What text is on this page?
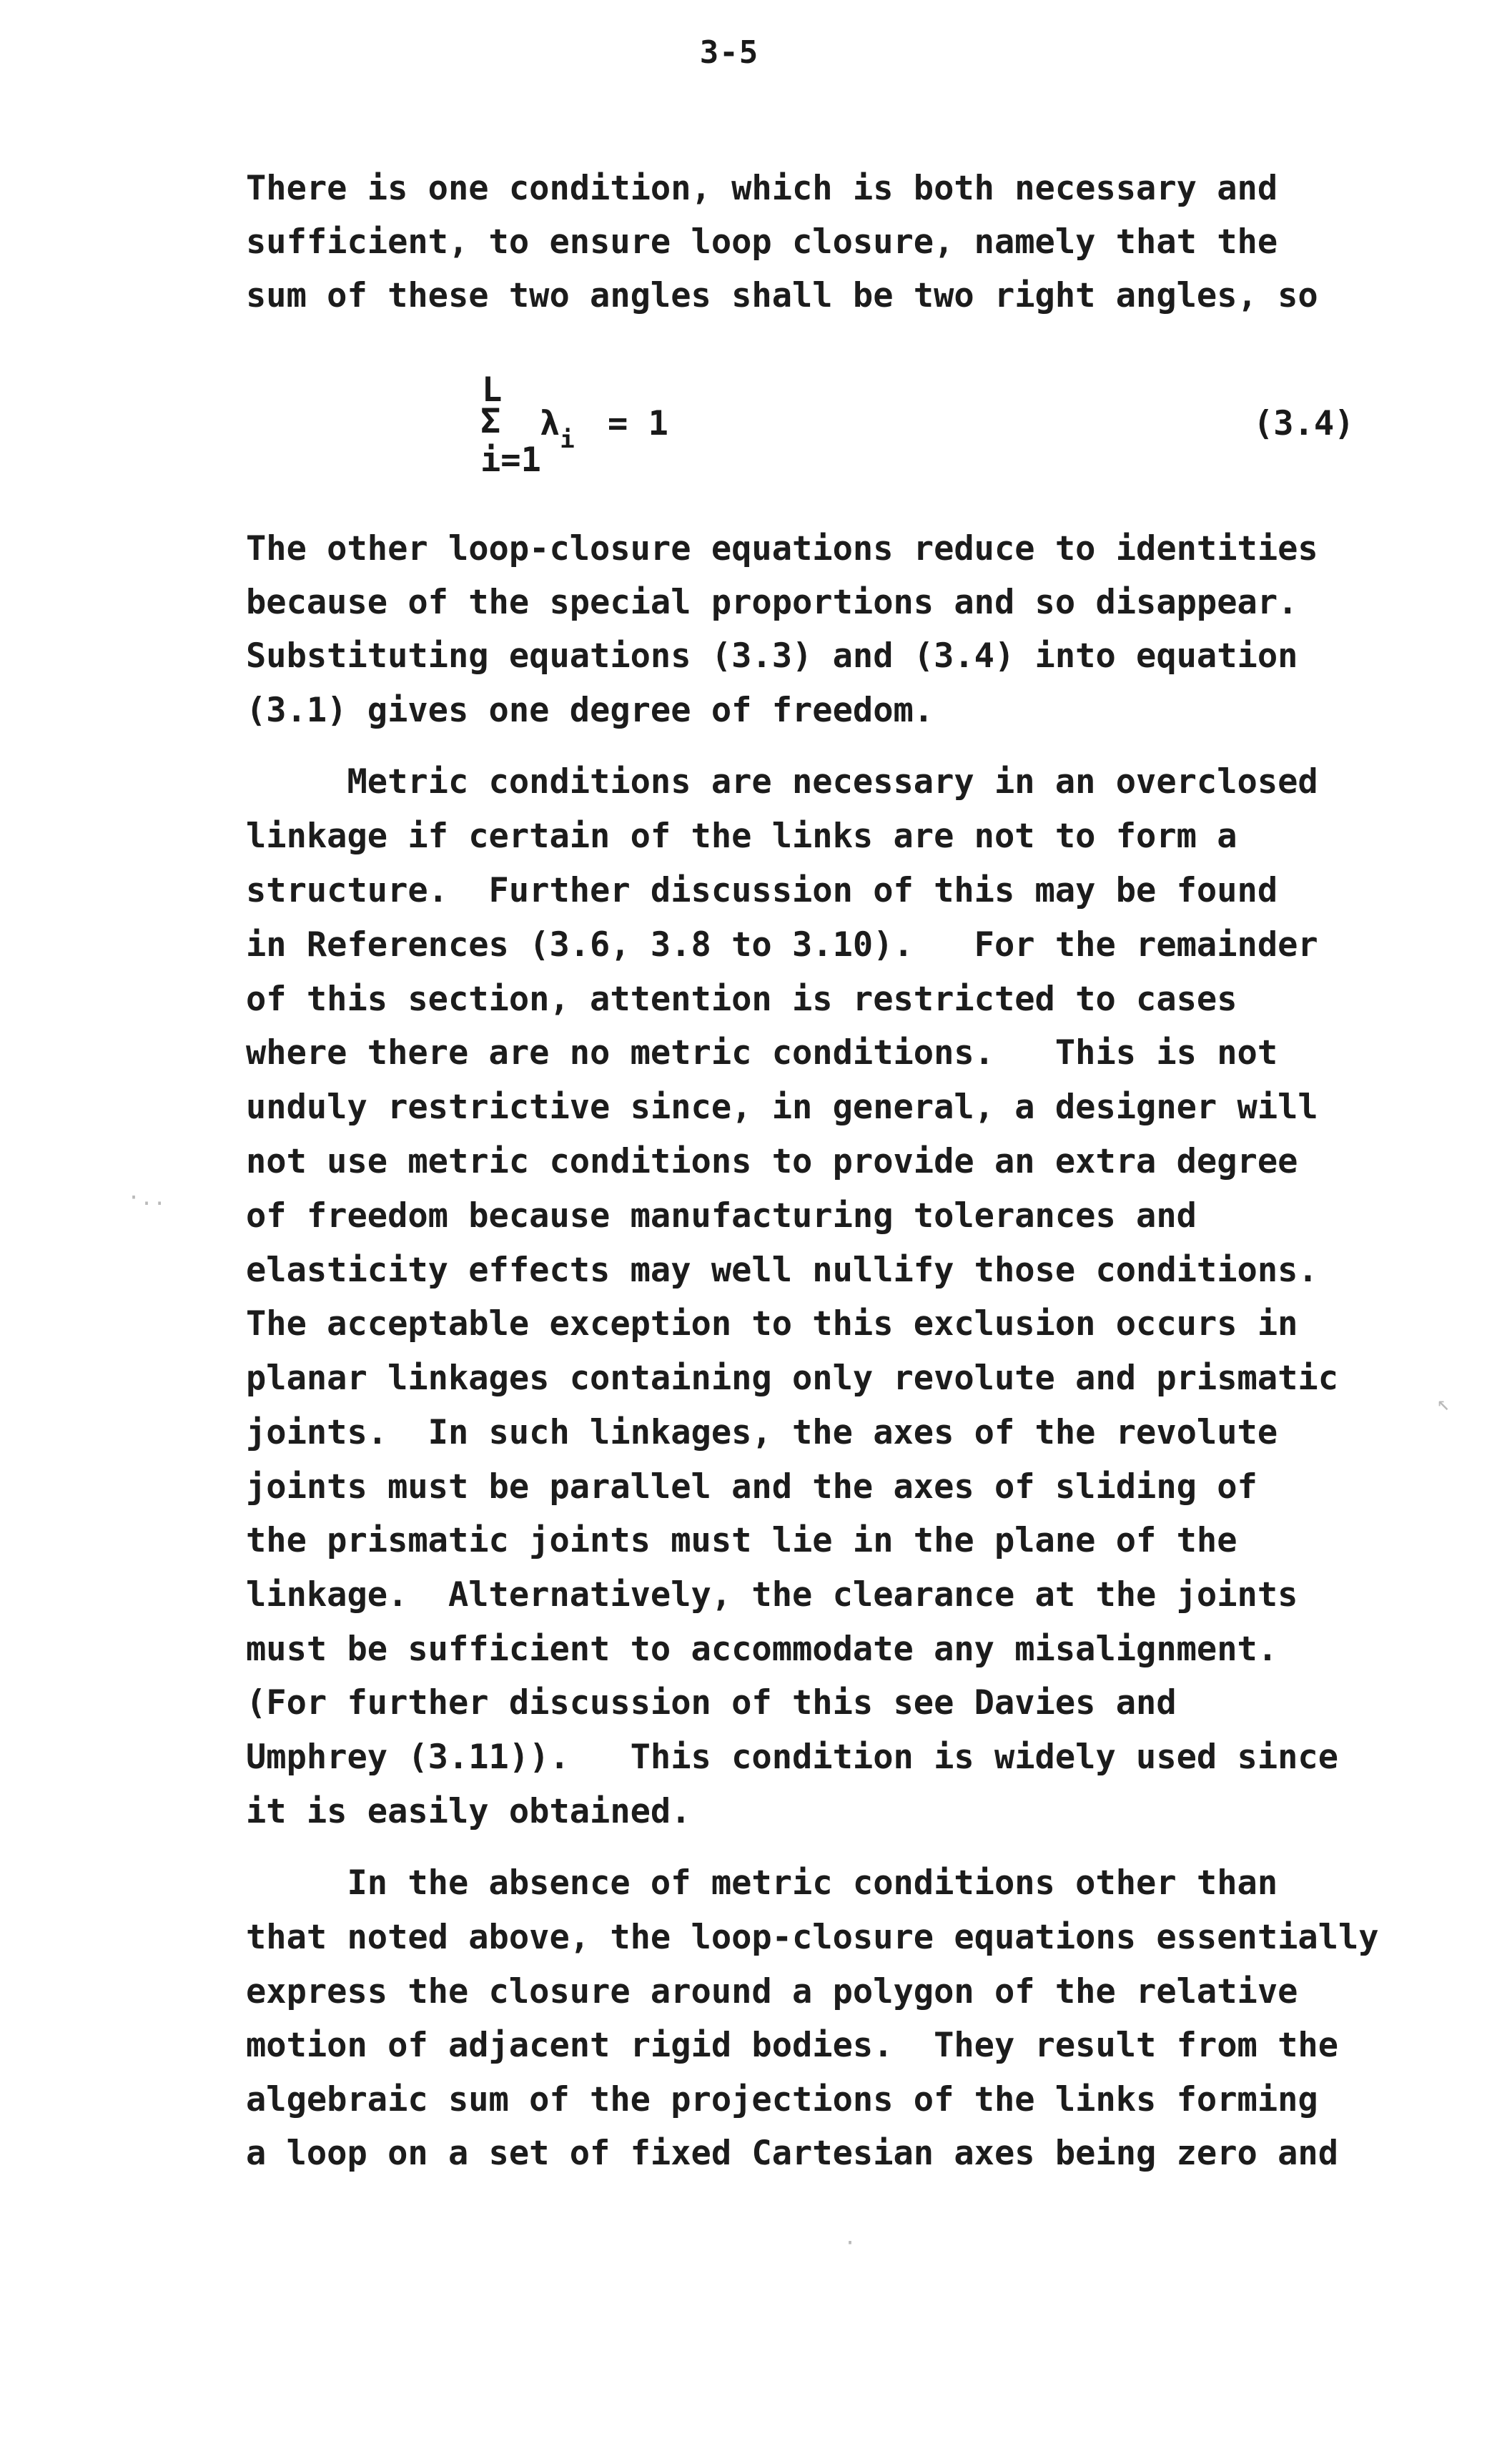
3-5
There is one condition, which is both necessary and
sufficient, to ensure loop closure, namely that the
sum of these two angles shall be two right angles, so
L
Σ
i=1
$\lambda_i = 1$	(3.4)
The other loop-closure equations reduce to identities
because of the special proportions and so disappear.
Substituting equations (3.3) and (3.4) into equation
(3.1) gives one degree of freedom.
Metric conditions are necessary in an overclosed
linkage if certain of the links are not to form a
structure.  Further discussion of this may be found
in References (3.6, 3.8 to 3.10).   For the remainder
of this section, attention is restricted to cases
where there are no metric conditions.   This is not
unduly restrictive since, in general, a designer will
not use metric conditions to provide an extra degree
of freedom because manufacturing tolerances and
elasticity effects may well nullify those conditions.
The acceptable exception to this exclusion occurs in
planar linkages containing only revolute and prismatic
joints.  In such linkages, the axes of the revolute
joints must be parallel and the axes of sliding of
the prismatic joints must lie in the plane of the
linkage.  Alternatively, the clearance at the joints
must be sufficient to accommodate any misalignment.
(For further discussion of this see Davies and
Umphrey (3.11)).   This condition is widely used since
it is easily obtained.
In the absence of metric conditions other than
that noted above, the loop-closure equations essentially
express the closure around a polygon of the relative
motion of adjacent rigid bodies.  They result from the
algebraic sum of the projections of the links forming
a loop on a set of fixed Cartesian axes being zero and
·..
↖
·
